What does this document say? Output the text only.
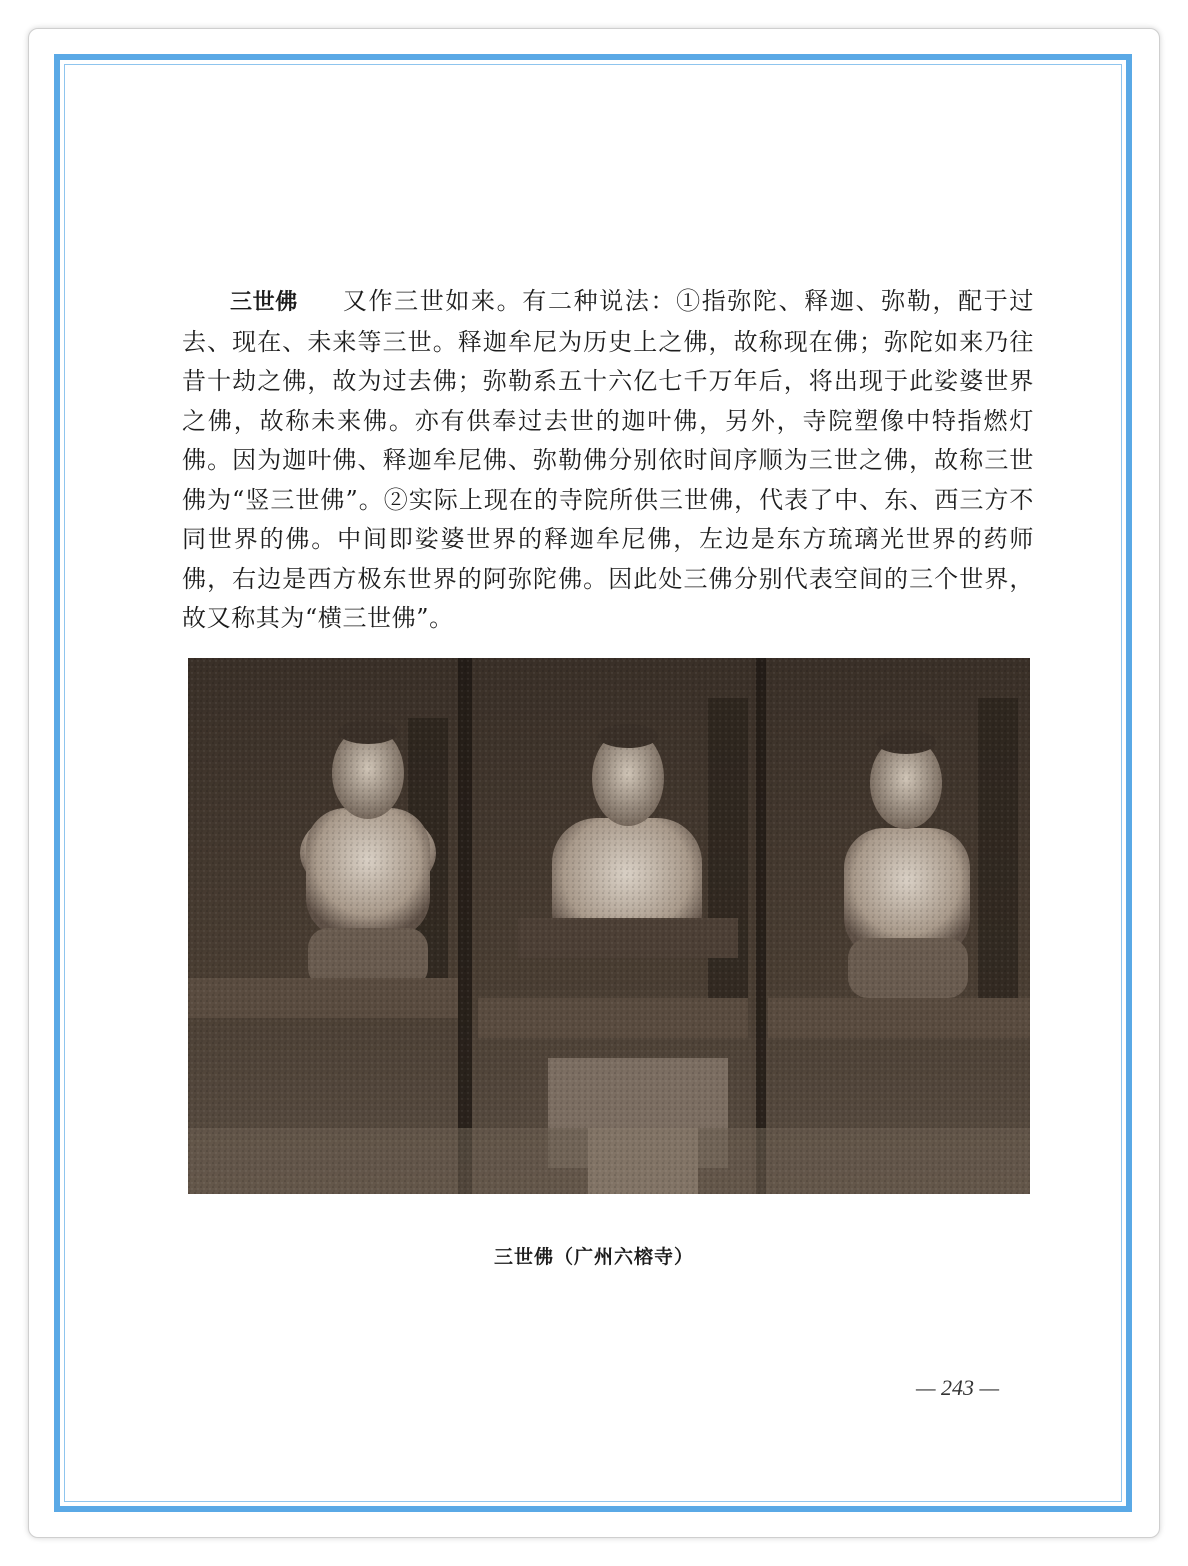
三世佛 又作三世如来。有二种说法：①指弥陀、释迦、弥勒，配于过去、现在、未来等三世。释迦牟尼为历史上之佛，故称现在佛；弥陀如来乃往昔十劫之佛，故为过去佛；弥勒系五十六亿七千万年后，将出现于此娑婆世界之佛，故称未来佛。亦有供奉过去世的迦叶佛，另外，寺院塑像中特指燃灯佛。因为迦叶佛、释迦牟尼佛、弥勒佛分别依时间序顺为三世之佛，故称三世佛为“竖三世佛”。②实际上现在的寺院所供三世佛，代表了中、东、西三方不同世界的佛。中间即娑婆世界的释迦牟尼佛，左边是东方琉璃光世界的药师佛，右边是西方极东世界的阿弥陀佛。因此处三佛分别代表空间的三个世界，故又称其为“横三世佛”。
三世佛（广州六榕寺）
— 243 —
